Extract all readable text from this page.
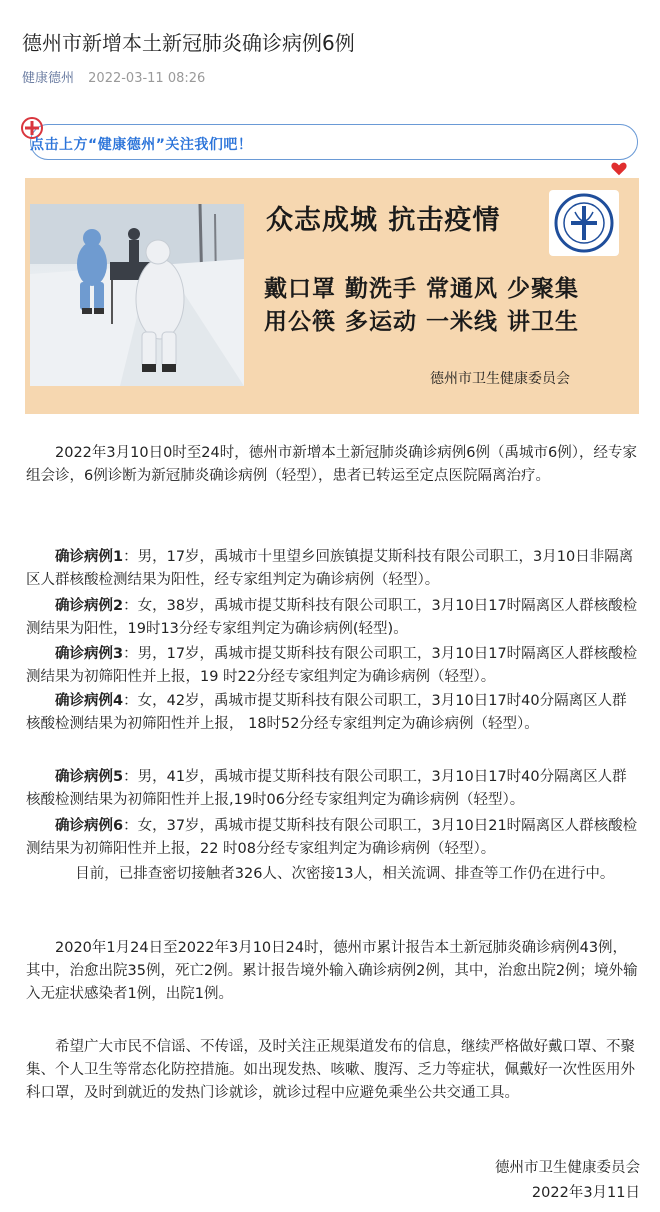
德州市新增本土新冠肺炎确诊病例6例
健康德州 2022-03-11 08:26
点击上方“健康德州”关注我们吧！
众志成城 抗击疫情
戴口罩 勤洗手 常通风 少聚集
用公筷 多运动 一米线 讲卫生
德州市卫生健康委员会
2022年3月10日0时至24时，德州市新增本土新冠肺炎确诊病例6例（禹城市6例），经专家组会诊，6例诊断为新冠肺炎确诊病例（轻型），患者已转运至定点医院隔离治疗。
确诊病例1：男，17岁，禹城市十里望乡回族镇提艾斯科技有限公司职工，3月10日非隔离区人群核酸检测结果为阳性，经专家组判定为确诊病例（轻型）。
确诊病例2：女，38岁，禹城市提艾斯科技有限公司职工，3月10日17时隔离区人群核酸检测结果为阳性，19时13分经专家组判定为确诊病例(轻型)。
确诊病例3：男，17岁，禹城市提艾斯科技有限公司职工，3月10日17时隔离区人群核酸检测结果为初筛阳性并上报，19 时22分经专家组判定为确诊病例（轻型）。
确诊病例4：女，42岁，禹城市提艾斯科技有限公司职工，3月10日17时40分隔离区人群核酸检测结果为初筛阳性并上报， 18时52分经专家组判定为确诊病例（轻型）。
确诊病例5：男，41岁，禹城市提艾斯科技有限公司职工，3月10日17时40分隔离区人群核酸检测结果为初筛阳性并上报,19时06分经专家组判定为确诊病例（轻型）。
确诊病例6：女，37岁，禹城市提艾斯科技有限公司职工，3月10日21时隔离区人群核酸检测结果为初筛阳性并上报，22 时08分经专家组判定为确诊病例（轻型）。
目前，已排查密切接触者326人、次密接13人，相关流调、排查等工作仍在进行中。
2020年1月24日至2022年3月10日24时，德州市累计报告本土新冠肺炎确诊病例43例，其中，治愈出院35例，死亡2例。累计报告境外输入确诊病例2例，其中，治愈出院2例；境外输入无症状感染者1例，出院1例。
希望广大市民不信谣、不传谣，及时关注正规渠道发布的信息，继续严格做好戴口罩、不聚集、个人卫生等常态化防控措施。如出现发热、咳嗽、腹泻、乏力等症状，佩戴好一次性医用外科口罩，及时到就近的发热门诊就诊，就诊过程中应避免乘坐公共交通工具。
德州市卫生健康委员会
2022年3月11日
